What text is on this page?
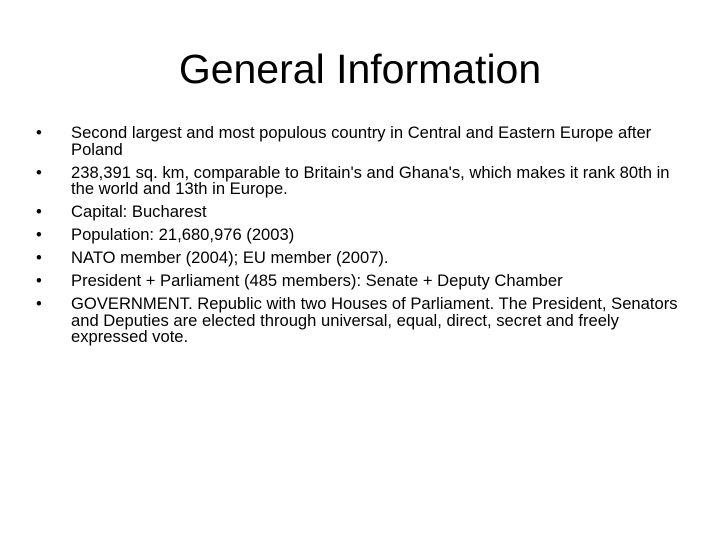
General Information
•	Second largest and most populous country in Central and Eastern Europe after Poland
•	238,391 sq. km, comparable to Britain's and Ghana's, which makes it rank 80th in the world and 13th in Europe.
•	Capital: Bucharest
•	Population: 21,680,976 (2003)
•	NATO member (2004); EU member (2007).
•	President + Parliament (485 members): Senate + Deputy Chamber
•	GOVERNMENT. Republic with two Houses of Parliament. The President, Senators and Deputies are elected through universal, equal, direct, secret and freely expressed vote.
